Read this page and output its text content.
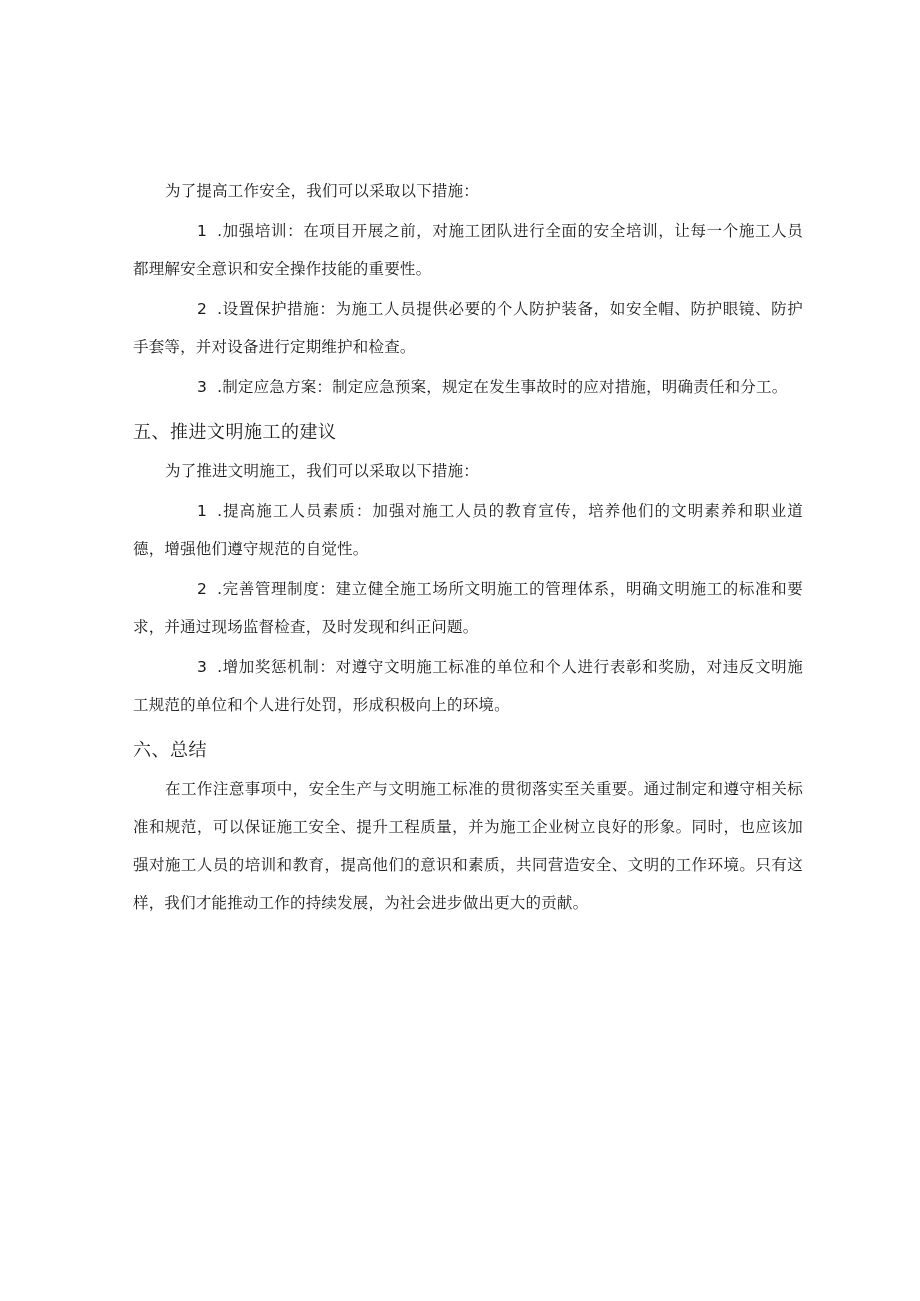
为了提高工作安全，我们可以采取以下措施：

1 .加强培训：在项目开展之前，对施工团队进行全面的安全培训，让每一个施工人员都理解安全意识和安全操作技能的重要性。

2 .设置保护措施：为施工人员提供必要的个人防护装备，如安全帽、防护眼镜、防护手套等，并对设备进行定期维护和检查。

3 .制定应急方案：制定应急预案，规定在发生事故时的应对措施，明确责任和分工。

五、推进文明施工的建议

为了推进文明施工，我们可以采取以下措施：

1 .提高施工人员素质：加强对施工人员的教育宣传，培养他们的文明素养和职业道德，增强他们遵守规范的自觉性。

2 .完善管理制度：建立健全施工场所文明施工的管理体系，明确文明施工的标准和要求，并通过现场监督检查，及时发现和纠正问题。

3 .增加奖惩机制：对遵守文明施工标准的单位和个人进行表彰和奖励，对违反文明施工规范的单位和个人进行处罚，形成积极向上的环境。

六、总结

在工作注意事项中，安全生产与文明施工标准的贯彻落实至关重要。通过制定和遵守相关标准和规范，可以保证施工安全、提升工程质量，并为施工企业树立良好的形象。同时，也应该加强对施工人员的培训和教育，提高他们的意识和素质，共同营造安全、文明的工作环境。只有这样，我们才能推动工作的持续发展，为社会进步做出更大的贡献。
